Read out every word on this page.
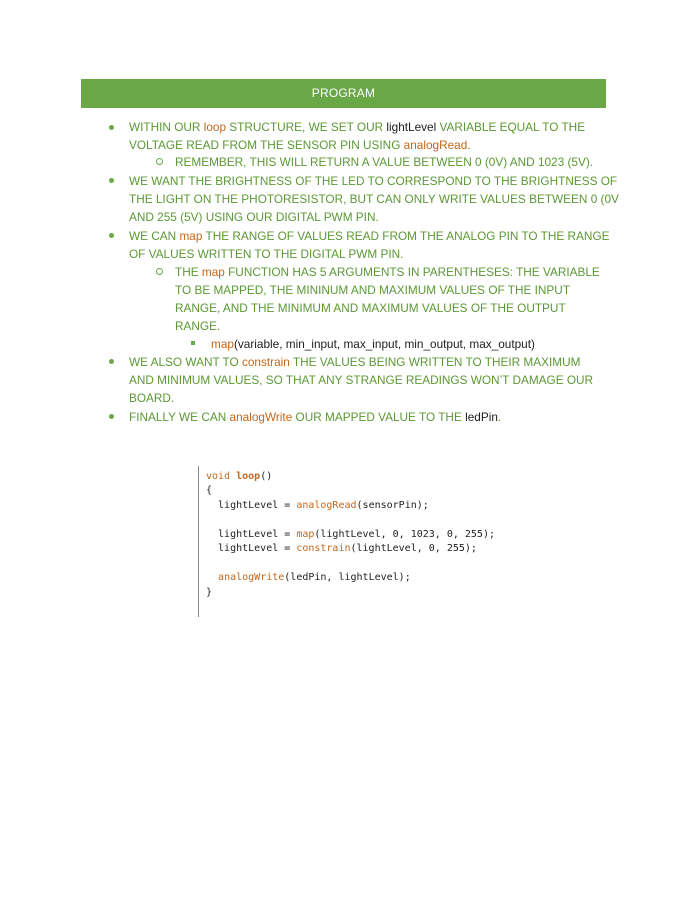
PROGRAM
WITHIN OUR loop STRUCTURE, WE SET OUR lightLevel VARIABLE EQUAL TO THE
VOLTAGE READ FROM THE SENSOR PIN USING analogRead.
REMEMBER, THIS WILL RETURN A VALUE BETWEEN 0 (0V) AND 1023 (5V).
WE WANT THE BRIGHTNESS OF THE LED TO CORRESPOND TO THE BRIGHTNESS OF
THE LIGHT ON THE PHOTORESISTOR, BUT CAN ONLY WRITE VALUES BETWEEN 0 (0V
AND 255 (5V) USING OUR DIGITAL PWM PIN.
WE CAN map THE RANGE OF VALUES READ FROM THE ANALOG PIN TO THE RANGE
OF VALUES WRITTEN TO THE DIGITAL PWM PIN.
THE map FUNCTION HAS 5 ARGUMENTS IN PARENTHESES: THE VARIABLE
TO BE MAPPED, THE MININUM AND MAXIMUM VALUES OF THE INPUT
RANGE, AND THE MINIMUM AND MAXIMUM VALUES OF THE OUTPUT
RANGE.
map(variable, min_input, max_input, min_output, max_output)
WE ALSO WANT TO constrain THE VALUES BEING WRITTEN TO THEIR MAXIMUM
AND MINIMUM VALUES, SO THAT ANY STRANGE READINGS WON’T DAMAGE OUR
BOARD.
FINALLY WE CAN analogWrite OUR MAPPED VALUE TO THE ledPin.
void loop()
{
lightLevel = analogRead(sensorPin);
lightLevel = map(lightLevel, 0, 1023, 0, 255);
lightLevel = constrain(lightLevel, 0, 255);
analogWrite(ledPin, lightLevel);
}
